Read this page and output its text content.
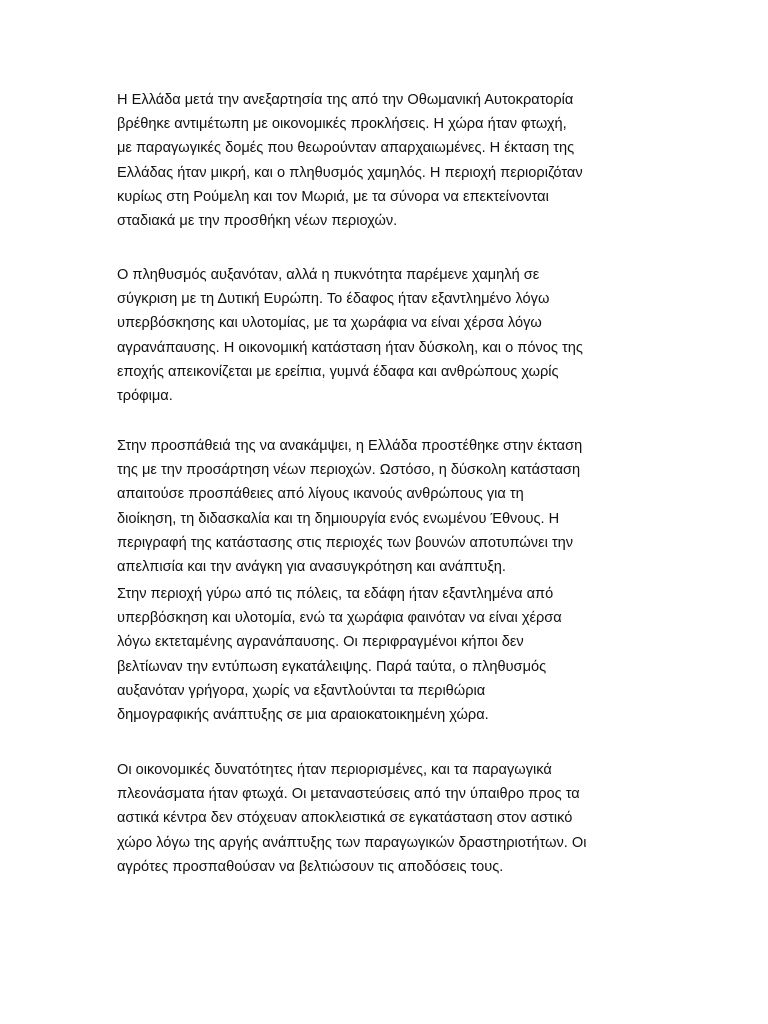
Η Ελλάδα μετά την ανεξαρτησία της από την Οθωμανική Αυτοκρατορία
βρέθηκε αντιμέτωπη με οικονομικές προκλήσεις. Η χώρα ήταν φτωχή,
με παραγωγικές δομές που θεωρούνταν απαρχαιωμένες. Η έκταση της
Ελλάδας ήταν μικρή, και ο πληθυσμός χαμηλός. Η περιοχή περιοριζόταν
κυρίως στη Ρούμελη και τον Μωριά, με τα σύνορα να επεκτείνονται
σταδιακά με την προσθήκη νέων περιοχών.

Ο πληθυσμός αυξανόταν, αλλά η πυκνότητα παρέμενε χαμηλή σε
σύγκριση με τη Δυτική Ευρώπη. Το έδαφος ήταν εξαντλημένο λόγω
υπερβόσκησης και υλοτομίας, με τα χωράφια να είναι χέρσα λόγω
αγρανάπαυσης. Η οικονομική κατάσταση ήταν δύσκολη, και ο πόνος της
εποχής απεικονίζεται με ερείπια, γυμνά έδαφα και ανθρώπους χωρίς
τρόφιμα.

Στην προσπάθειά της να ανακάμψει, η Ελλάδα προστέθηκε στην έκταση
της με την προσάρτηση νέων περιοχών. Ωστόσο, η δύσκολη κατάσταση
απαιτούσε προσπάθειες από λίγους ικανούς ανθρώπους για τη
διοίκηση, τη διδασκαλία και τη δημιουργία ενός ενωμένου Έθνους. Η
περιγραφή της κατάστασης στις περιοχές των βουνών αποτυπώνει την
απελπισία και την ανάγκη για ανασυγκρότηση και ανάπτυξη.

Στην περιοχή γύρω από τις πόλεις, τα εδάφη ήταν εξαντλημένα από
υπερβόσκηση και υλοτομία, ενώ τα χωράφια φαινόταν να είναι χέρσα
λόγω εκτεταμένης αγρανάπαυσης. Οι περιφραγμένοι κήποι δεν
βελτίωναν την εντύπωση εγκατάλειψης. Παρά ταύτα, ο πληθυσμός
αυξανόταν γρήγορα, χωρίς να εξαντλούνται τα περιθώρια
δημογραφικής ανάπτυξης σε μια αραιοκατοικημένη χώρα.

Οι οικονομικές δυνατότητες ήταν περιορισμένες, και τα παραγωγικά
πλεονάσματα ήταν φτωχά. Οι μεταναστεύσεις από την ύπαιθρο προς τα
αστικά κέντρα δεν στόχευαν αποκλειστικά σε εγκατάσταση στον αστικό
χώρο λόγω της αργής ανάπτυξης των παραγωγικών δραστηριοτήτων. Οι
αγρότες προσπαθούσαν να βελτιώσουν τις αποδόσεις τους.
